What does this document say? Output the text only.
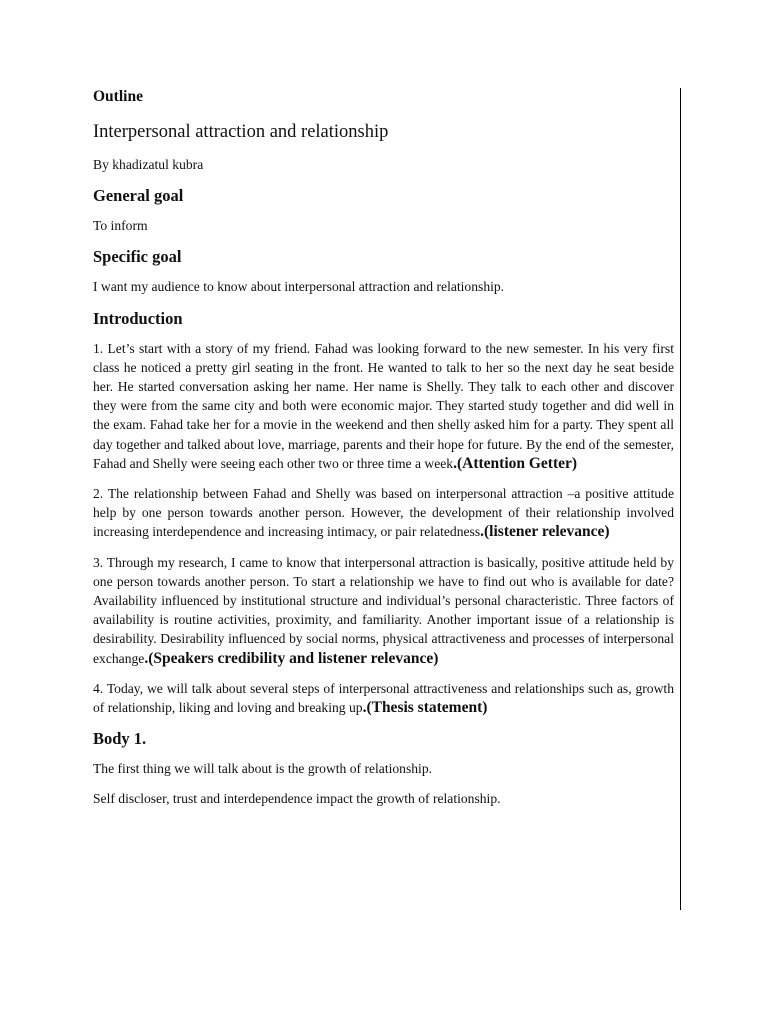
Outline
Interpersonal attraction and relationship
By khadizatul kubra
General goal
To inform
Specific goal
I want my audience to know about interpersonal attraction and relationship.
Introduction
1. Let’s start with a story of my friend. Fahad was looking forward to the new semester. In his very first class he noticed a pretty girl seating in the front. He wanted to talk to her so the next day he seat beside her. He started conversation asking her name. Her name is Shelly. They talk to each other and discover they were from the same city and both were economic major. They started study together and did well in the exam. Fahad take her for a movie in the weekend and then shelly asked him for a party. They spent all day together and talked about love, marriage, parents and their hope for future. By the end of the semester, Fahad and Shelly were seeing each other two or three time a week.(Attention Getter)
2. The relationship between Fahad and Shelly was based on interpersonal attraction –a positive attitude help by one person towards another person. However, the development of their relationship involved increasing interdependence and increasing intimacy, or pair relatedness.(listener relevance)
3. Through my research, I came to know that interpersonal attraction is basically, positive attitude held by one person towards another person. To start a relationship we have to find out who is available for date? Availability influenced by institutional structure and individual’s personal characteristic. Three factors of availability is routine activities, proximity, and familiarity. Another important issue of a relationship is desirability. Desirability influenced by social norms, physical attractiveness and processes of interpersonal exchange.(Speakers credibility and listener relevance)
4. Today, we will talk about several steps of interpersonal attractiveness and relationships such as, growth of relationship, liking and loving and breaking up.(Thesis statement)
Body 1.
The first thing we will talk about is the growth of relationship.
Self discloser, trust and interdependence impact the growth of relationship.
